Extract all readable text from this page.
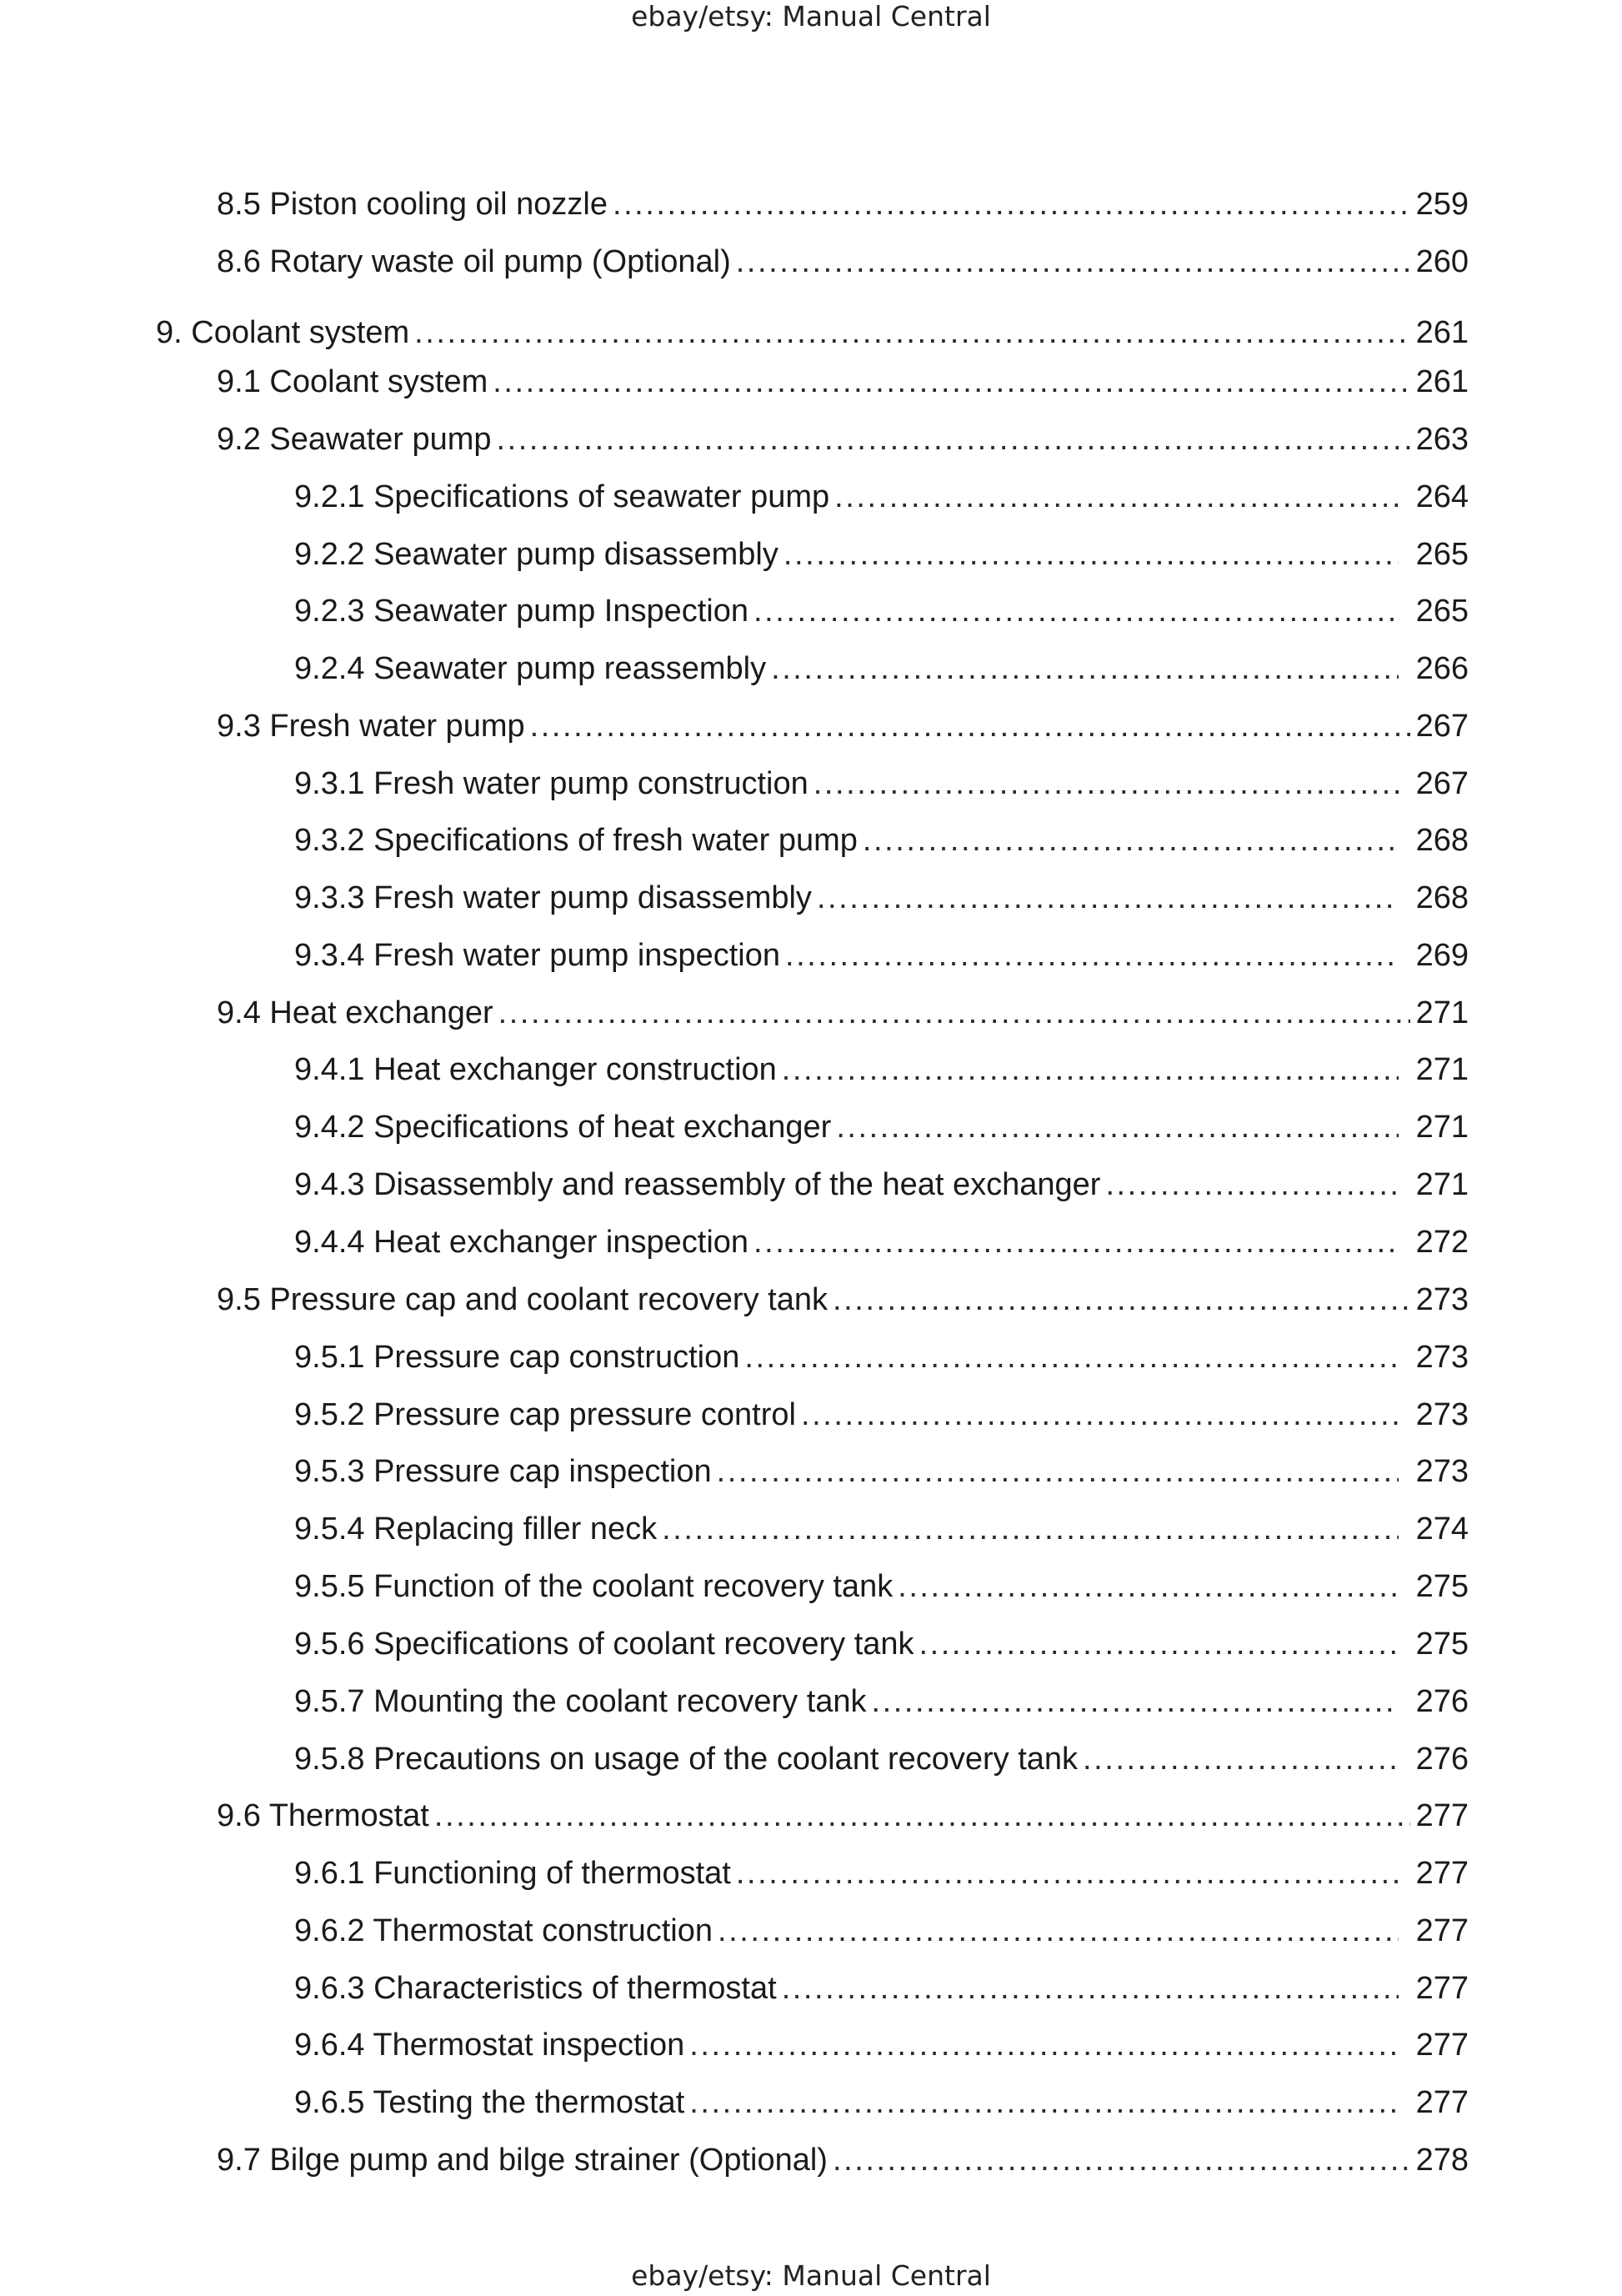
ebay/etsy: Manual Central
8.5 Piston cooling oil nozzle . . .	259
8.6 Rotary waste oil pump (Optional) . . .	260
9. Coolant system . . .	261
9.1 Coolant system . . .	261
9.2 Seawater pump . . .	263
9.2.1 Specifications of seawater pump . . .	264
9.2.2 Seawater pump disassembly . . .	265
9.2.3 Seawater pump Inspection . . .	265
9.2.4 Seawater pump reassembly . . .	266
9.3 Fresh water pump . . .	267
9.3.1 Fresh water pump construction . . .	267
9.3.2 Specifications of fresh water pump . . .	268
9.3.3 Fresh water pump disassembly . . .	268
9.3.4 Fresh water pump inspection . . .	269
9.4 Heat exchanger . . .	271
9.4.1 Heat exchanger construction . . .	271
9.4.2 Specifications of heat exchanger . . .	271
9.4.3 Disassembly and reassembly of the heat exchanger . . .	271
9.4.4 Heat exchanger inspection . . .	272
9.5 Pressure cap and coolant recovery tank . . .	273
9.5.1 Pressure cap construction . . .	273
9.5.2 Pressure cap pressure control . . .	273
9.5.3 Pressure cap inspection . . .	273
9.5.4 Replacing filler neck . . .	274
9.5.5 Function of the coolant recovery tank . . .	275
9.5.6 Specifications of coolant recovery tank . . .	275
9.5.7 Mounting the coolant recovery tank . . .	276
9.5.8 Precautions on usage of the coolant recovery tank . . .	276
9.6 Thermostat . . .	277
9.6.1 Functioning of thermostat . . .	277
9.6.2 Thermostat construction . . .	277
9.6.3 Characteristics of thermostat . . .	277
9.6.4 Thermostat inspection . . .	277
9.6.5 Testing the thermostat . . .	277
9.7 Bilge pump and bilge strainer (Optional) . . .	278
ebay/etsy: Manual Central
